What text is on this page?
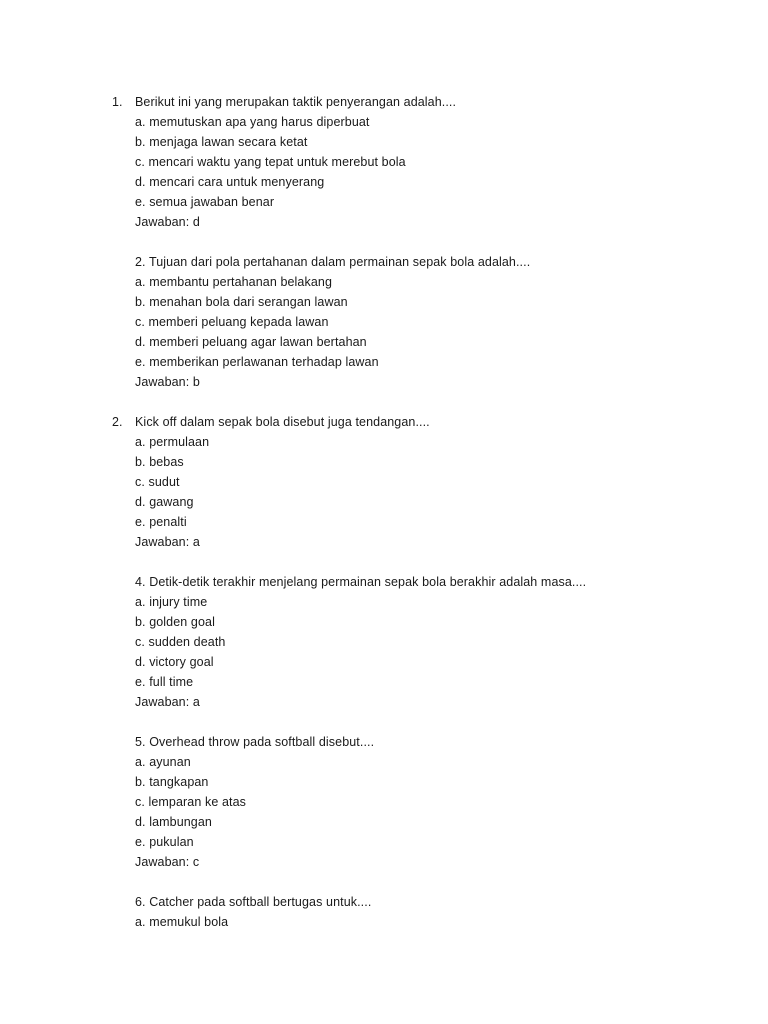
1. Berikut ini yang merupakan taktik penyerangan adalah....
a. memutuskan apa yang harus diperbuat
b. menjaga lawan secara ketat
c. mencari waktu yang tepat untuk merebut bola
d. mencari cara untuk menyerang
e. semua jawaban benar
Jawaban: d
2. Tujuan dari pola pertahanan dalam permainan sepak bola adalah....
a. membantu pertahanan belakang
b. menahan bola dari serangan lawan
c. memberi peluang kepada lawan
d. memberi peluang agar lawan bertahan
e. memberikan perlawanan terhadap lawan
Jawaban: b
2. Kick off dalam sepak bola disebut juga tendangan....
a. permulaan
b. bebas
c. sudut
d. gawang
e. penalti
Jawaban: a
4. Detik-detik terakhir menjelang permainan sepak bola berakhir adalah masa....
a. injury time
b. golden goal
c. sudden death
d. victory goal
e. full time
Jawaban: a
5. Overhead throw pada softball disebut....
a. ayunan
b. tangkapan
c. lemparan ke atas
d. lambungan
e. pukulan
Jawaban: c
6. Catcher pada softball bertugas untuk....
a. memukul bola
